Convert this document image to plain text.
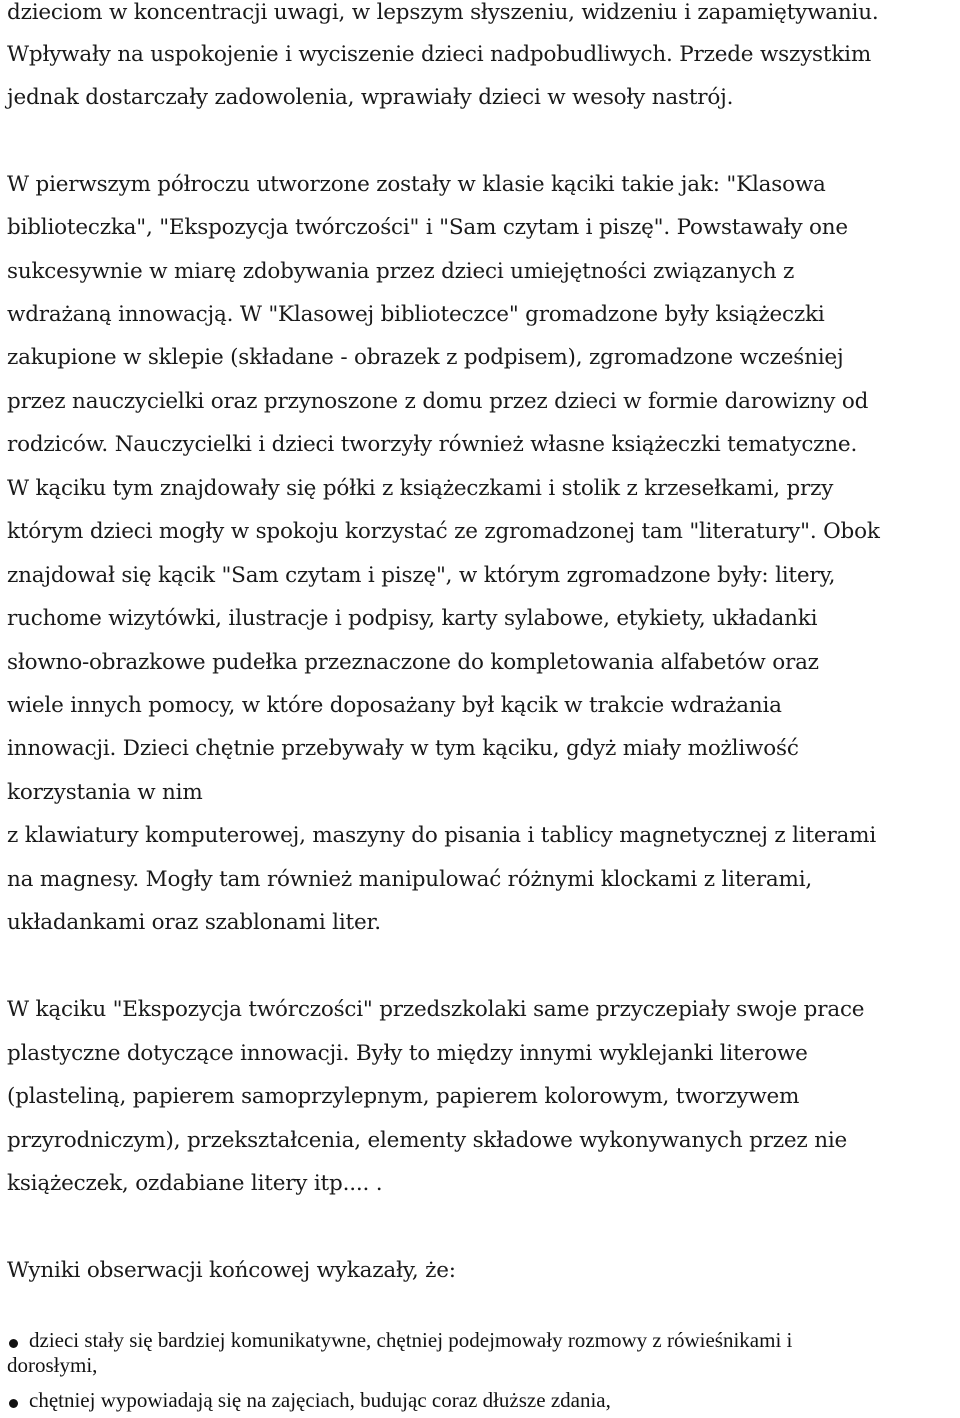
dzieciom w koncentracji uwagi, w lepszym słyszeniu, widzeniu i zapamiętywaniu.
Wpływały na uspokojenie i wyciszenie dzieci nadpobudliwych. Przede wszystkim
jednak dostarczały zadowolenia, wprawiały dzieci w wesoły nastrój.
W pierwszym półroczu utworzone zostały w klasie kąciki takie jak: "Klasowa
biblioteczka", "Ekspozycja twórczości" i "Sam czytam i piszę". Powstawały one
sukcesywnie w miarę zdobywania przez dzieci umiejętności związanych z
wdrażaną innowacją. W "Klasowej biblioteczce" gromadzone były książeczki
zakupione w sklepie (składane - obrazek z podpisem), zgromadzone wcześniej
przez nauczycielki oraz przynoszone z domu przez dzieci w formie darowizny od
rodziców. Nauczycielki i dzieci tworzyły również własne książeczki tematyczne.
W kąciku tym znajdowały się półki z książeczkami i stolik z krzesełkami, przy
którym dzieci mogły w spokoju korzystać ze zgromadzonej tam "literatury". Obok
znajdował się kącik "Sam czytam i piszę", w którym zgromadzone były: litery,
ruchome wizytówki, ilustracje i podpisy, karty sylabowe, etykiety, układanki
słowno-obrazkowe pudełka przeznaczone do kompletowania alfabetów oraz
wiele innych pomocy, w które doposażany był kącik w trakcie wdrażania
innowacji. Dzieci chętnie przebywały w tym kąciku, gdyż miały możliwość
korzystania w nim
z klawiatury komputerowej, maszyny do pisania i tablicy magnetycznej z literami
na magnesy. Mogły tam również manipulować różnymi klockami z literami,
układankami oraz szablonami liter.
W kąciku "Ekspozycja twórczości" przedszkolaki same przyczepiały swoje prace
plastyczne dotyczące innowacji. Były to między innymi wyklejanki literowe
(plasteliną, papierem samoprzylepnym, papierem kolorowym, tworzywem
przyrodniczym), przekształcenia, elementy składowe wykonywanych przez nie
książeczek, ozdabiane litery itp.... .
Wyniki obserwacji końcowej wykazały, że:
dzieci stały się bardziej komunikatywne, chętniej podejmowały rozmowy z rówieśnikami i
dorosłymi,
chętniej wypowiadają się na zajęciach, budując coraz dłuższe zdania,
